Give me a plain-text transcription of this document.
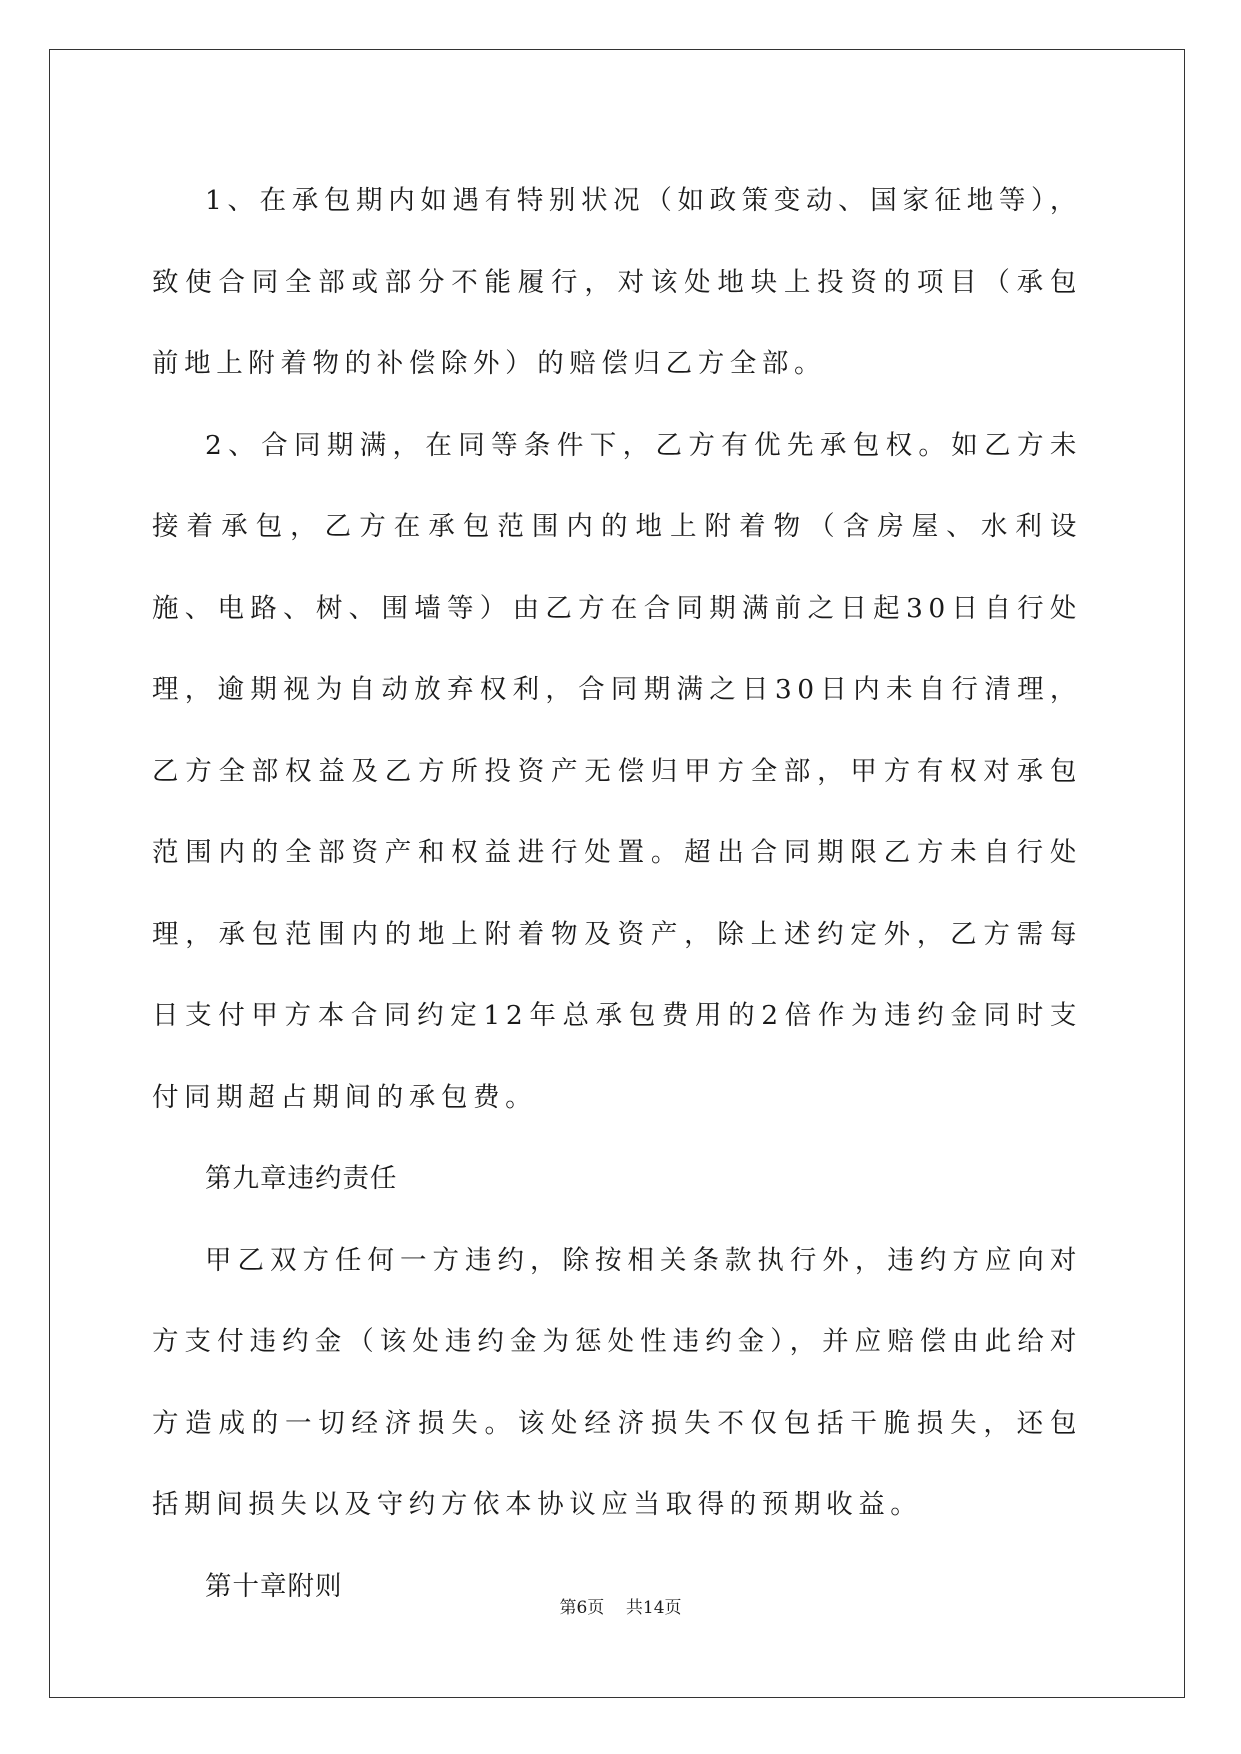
1、在承包期内如遇有特别状况（如政策变动、国家征地等），致使合同全部或部分不能履行，对该处地块上投资的项目（承包前地上附着物的补偿除外）的赔偿归乙方全部。

2、合同期满，在同等条件下，乙方有优先承包权。如乙方未接着承包，乙方在承包范围内的地上附着物（含房屋、水利设施、电路、树、围墙等）由乙方在合同期满前之日起30日自行处理，逾期视为自动放弃权利，合同期满之日30日内未自行清理，乙方全部权益及乙方所投资产无偿归甲方全部，甲方有权对承包范围内的全部资产和权益进行处置。超出合同期限乙方未自行处理，承包范围内的地上附着物及资产，除上述约定外，乙方需每日支付甲方本合同约定12年总承包费用的2倍作为违约金同时支付同期超占期间的承包费。

第九章违约责任

甲乙双方任何一方违约，除按相关条款执行外，违约方应向对方支付违约金（该处违约金为惩处性违约金），并应赔偿由此给对方造成的一切经济损失。该处经济损失不仅包括干脆损失，还包括期间损失以及守约方依本协议应当取得的预期收益。

第十章附则

第6页    共14页
